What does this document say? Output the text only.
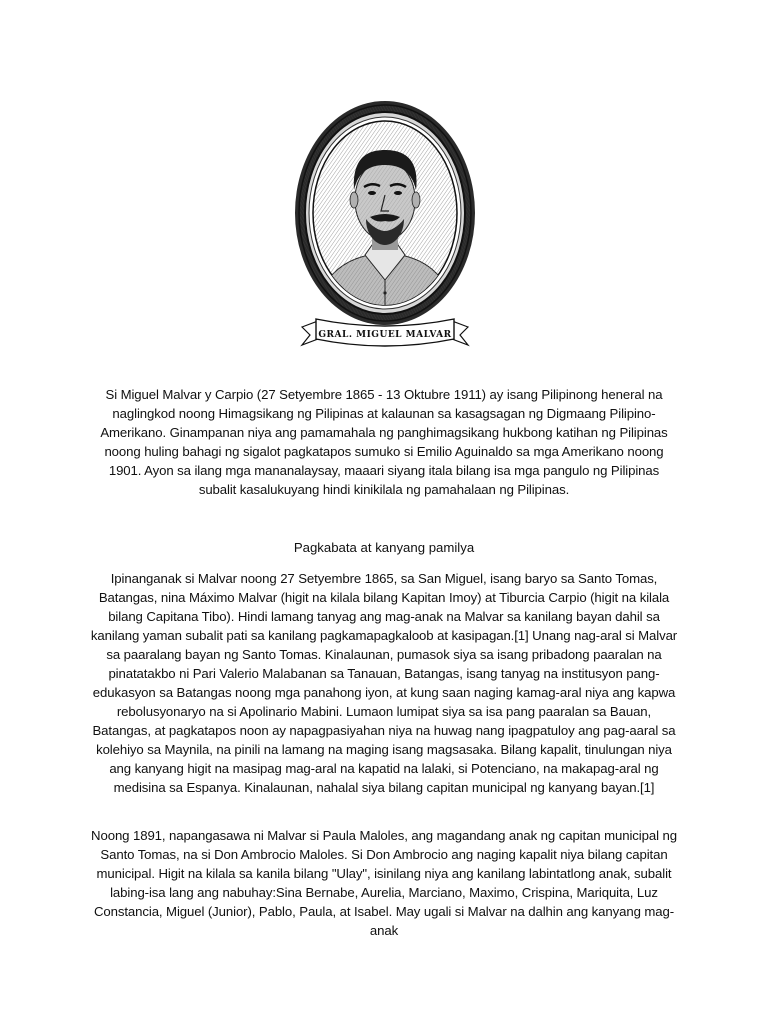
GRAL. MIGUEL MALVAR
Si Miguel Malvar y Carpio (27 Setyembre 1865 - 13 Oktubre 1911) ay isang Pilipinong heneral na naglingkod noong Himagsikang ng Pilipinas at kalaunan sa kasagsagan ng Digmaang Pilipino-Amerikano. Ginampanan niya ang pamamahala ng panghimagsikang hukbong katihan ng Pilipinas noong huling bahagi ng sigalot pagkatapos sumuko si Emilio Aguinaldo sa mga Amerikano noong 1901. Ayon sa ilang mga mananalaysay, maaari siyang itala bilang isa mga pangulo ng Pilipinas subalit kasalukuyang hindi kinikilala ng pamahalaan ng Pilipinas.
Pagkabata at kanyang pamilya
Ipinanganak si Malvar noong 27 Setyembre 1865, sa San Miguel, isang baryo sa Santo Tomas, Batangas, nina Máximo Malvar (higit na kilala bilang Kapitan Imoy) at Tiburcia Carpio (higit na kilala bilang Capitana Tibo). Hindi lamang tanyag ang mag-anak na Malvar sa kanilang bayan dahil sa kanilang yaman subalit pati sa kanilang pagkamapagkaloob at kasipagan.[1] Unang nag-aral si Malvar sa paaralang bayan ng Santo Tomas. Kinalaunan, pumasok siya sa isang pribadong paaralan na pinatatakbo ni Pari Valerio Malabanan sa Tanauan, Batangas, isang tanyag na institusyon pang-edukasyon sa Batangas noong mga panahong iyon, at kung saan naging kamag-aral niya ang kapwa rebolusyonaryo na si Apolinario Mabini. Lumaon lumipat siya sa isa pang paaralan sa Bauan, Batangas, at pagkatapos noon ay napagpasiyahan niya na huwag nang ipagpatuloy ang pag-aaral sa kolehiyo sa Maynila, na pinili na lamang na maging isang magsasaka. Bilang kapalit, tinulungan niya ang kanyang higit na masipag mag-aral na kapatid na lalaki, si Potenciano, na makapag-aral ng medisina sa Espanya. Kinalaunan, nahalal siya bilang capitan municipal ng kanyang bayan.[1]
Noong 1891, napangasawa ni Malvar si Paula Maloles, ang magandang anak ng capitan municipal ng Santo Tomas, na si Don Ambrocio Maloles. Si Don Ambrocio ang naging kapalit niya bilang capitan municipal. Higit na kilala sa kanila bilang "Ulay", isinilang niya ang kanilang labintatlong anak, subalit labing-isa lang ang nabuhay:Sina Bernabe, Aurelia, Marciano, Maximo, Crispina, Mariquita, Luz Constancia, Miguel (Junior), Pablo, Paula, at Isabel. May ugali si Malvar na dalhin ang kanyang mag-anak
